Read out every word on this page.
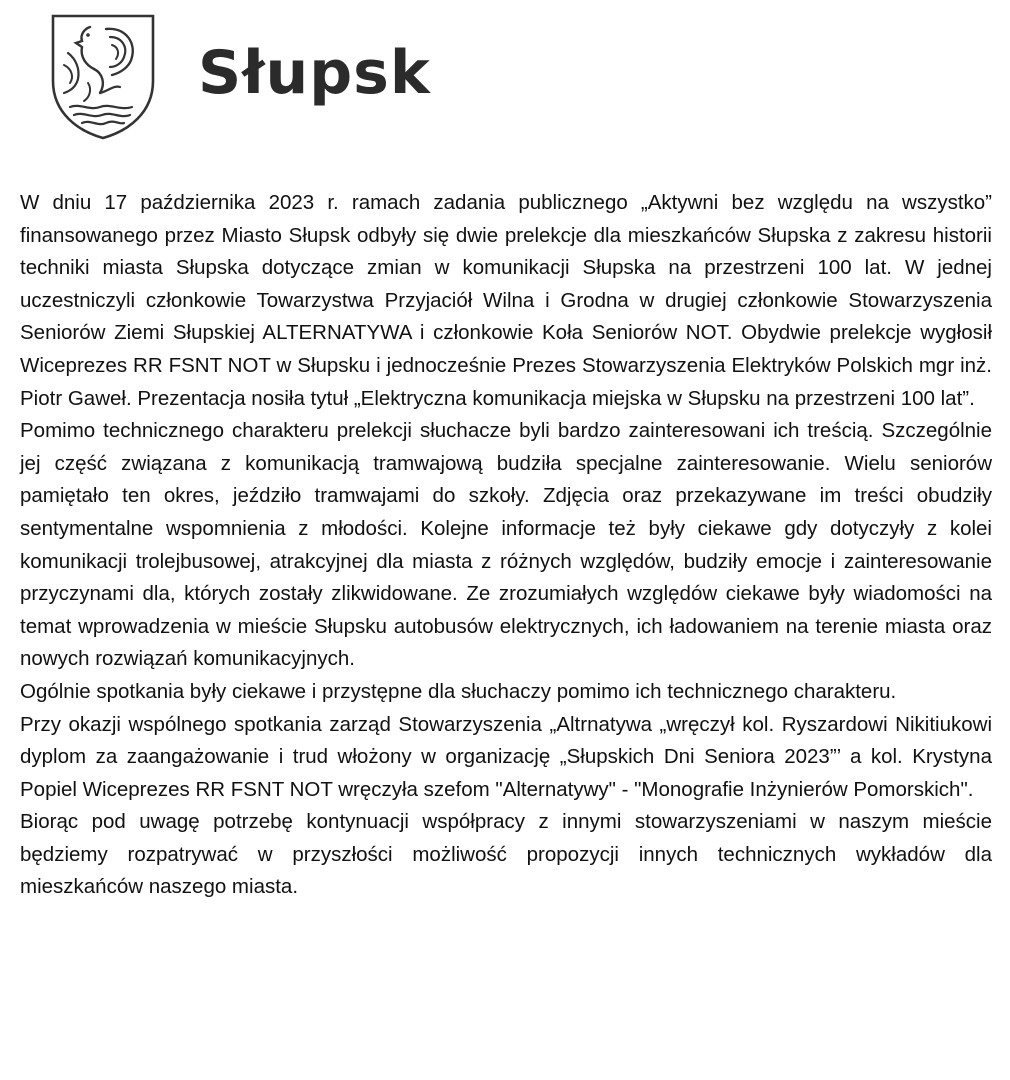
Słupsk

W dniu 17 października 2023 r. ramach zadania publicznego „Aktywni bez względu na wszystko” finansowanego przez Miasto Słupsk odbyły się dwie prelekcje dla mieszkańców Słupska z zakresu historii techniki miasta Słupska dotyczące zmian w komunikacji Słupska na przestrzeni 100 lat. W jednej uczestniczyli członkowie Towarzystwa Przyjaciół Wilna i Grodna w drugiej członkowie Stowarzyszenia Seniorów Ziemi Słupskiej ALTERNATYWA i członkowie Koła Seniorów NOT. Obydwie prelekcje wygłosił Wiceprezes RR FSNT NOT w Słupsku i jednocześnie Prezes Stowarzyszenia Elektryków Polskich mgr inż. Piotr Gaweł. Prezentacja nosiła tytuł „Elektryczna komunikacja miejska w Słupsku na przestrzeni 100 lat”.

Pomimo technicznego charakteru prelekcji słuchacze byli bardzo zainteresowani ich treścią. Szczególnie jej część związana z komunikacją tramwajową budziła specjalne zainteresowanie. Wielu seniorów pamiętało ten okres, jeździło tramwajami do szkoły. Zdjęcia oraz przekazywane im treści obudziły sentymentalne wspomnienia z młodości. Kolejne informacje też były ciekawe gdy dotyczyły z kolei komunikacji trolejbusowej, atrakcyjnej dla miasta z różnych względów, budziły emocje i zainteresowanie przyczynami dla, których zostały zlikwidowane. Ze zrozumiałych względów ciekawe były wiadomości na temat wprowadzenia w mieście Słupsku autobusów elektrycznych, ich ładowaniem na terenie miasta oraz nowych rozwiązań komunikacyjnych.

Ogólnie spotkania były ciekawe i przystępne dla słuchaczy pomimo ich technicznego charakteru.

Przy okazji wspólnego spotkania zarząd Stowarzyszenia „Altrnatywa „wręczył kol. Ryszardowi Nikitiukowi dyplom za zaangażowanie i trud włożony w organizację „Słupskich Dni Seniora 2023”’ a kol. Krystyna Popiel Wiceprezes RR FSNT NOT wręczyła szefom "Alternatywy" - "Monografie Inżynierów Pomorskich".

Biorąc pod uwagę potrzebę kontynuacji współpracy z innymi stowarzyszeniami w naszym mieście będziemy rozpatrywać w przyszłości możliwość propozycji innych technicznych wykładów dla mieszkańców naszego miasta.
